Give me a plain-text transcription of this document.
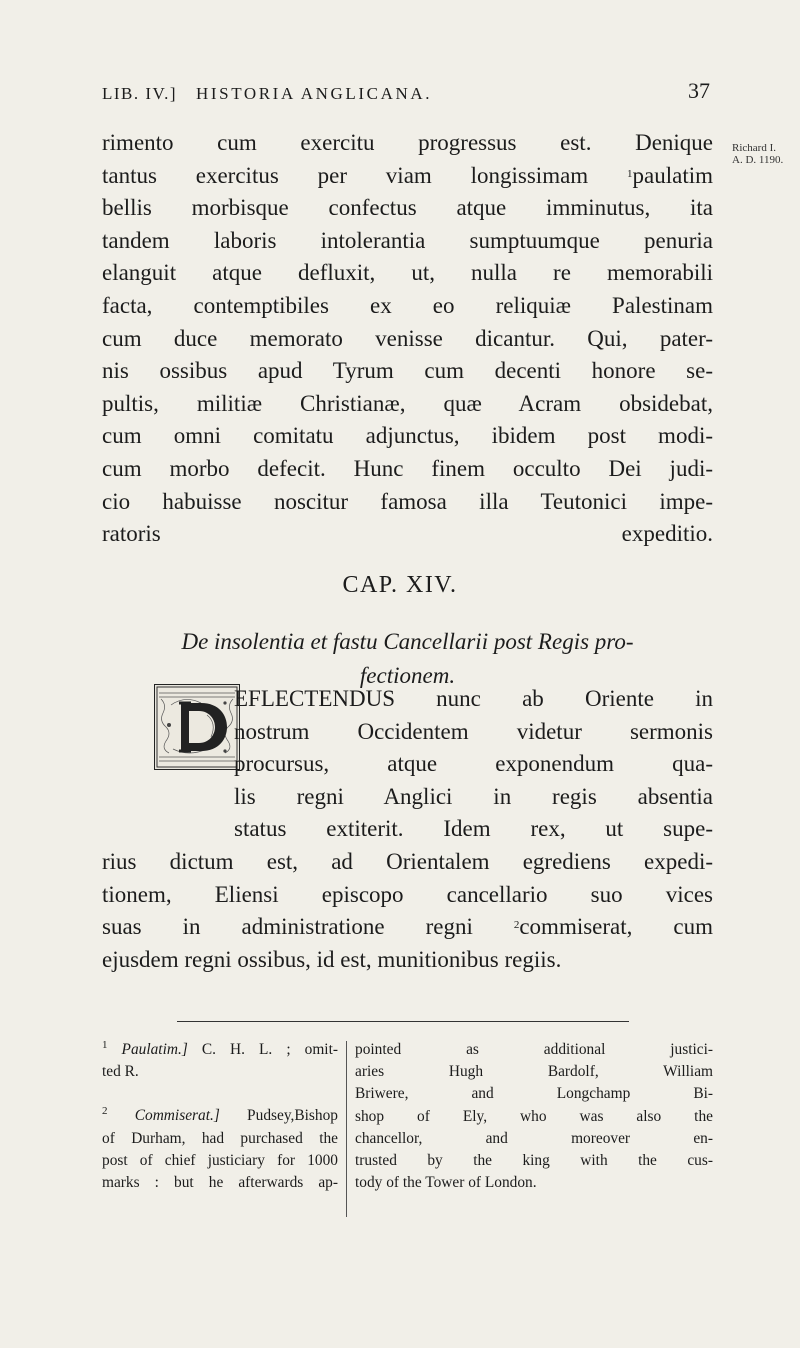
LIB. IV.] HISTORIA ANGLICANA.	37
Richard I.
A. D. 1190.
rimento cum exercitu progressus est. Denique
tantus exercitus per viam longissimam $^1$paulatim
bellis morbisque confectus atque imminutus, ita
tandem laboris intolerantia sumptuumque penuria
elanguit atque defluxit, ut, nulla re memorabili
facta, contemptibiles ex eo reliquiæ Palestinam
cum duce memorato venisse dicantur. Qui, pater-
nis ossibus apud Tyrum cum decenti honore se-
pultis, militiæ Christianæ, quæ Acram obsidebat,
cum omni comitatu adjunctus, ibidem post modi-
cum morbo defecit. Hunc finem occulto Dei judi-
cio habuisse noscitur famosa illa Teutonici impe-
ratoris expeditio.
CAP. XIV.
De insolentia et fastu Cancellarii post Regis pro-
fectionem.
EFLECTENDUS nunc ab Oriente in
nostrum Occidentem videtur sermonis
procursus, atque exponendum qua-
lis regni Anglici in regis absentia
status extiterit. Idem rex, ut supe-
rius dictum est, ad Orientalem egrediens expedi-
tionem, Eliensi episcopo cancellario suo vices
suas in administratione regni $^2$commiserat, cum
ejusdem regni ossibus, id est, munitionibus regiis.
$^1$ Paulatim.] C. H. L. ; omit-
ted R.
$^2$ Commiserat.] Pudsey,Bishop
of Durham, had purchased the
post of chief justiciary for 1000
marks : but he afterwards ap-
pointed as additional justici-
aries Hugh Bardolf, William
Briwere, and Longchamp Bi-
shop of Ely, who was also the
chancellor, and moreover en-
trusted by the king with the cus-
tody of the Tower of London.
